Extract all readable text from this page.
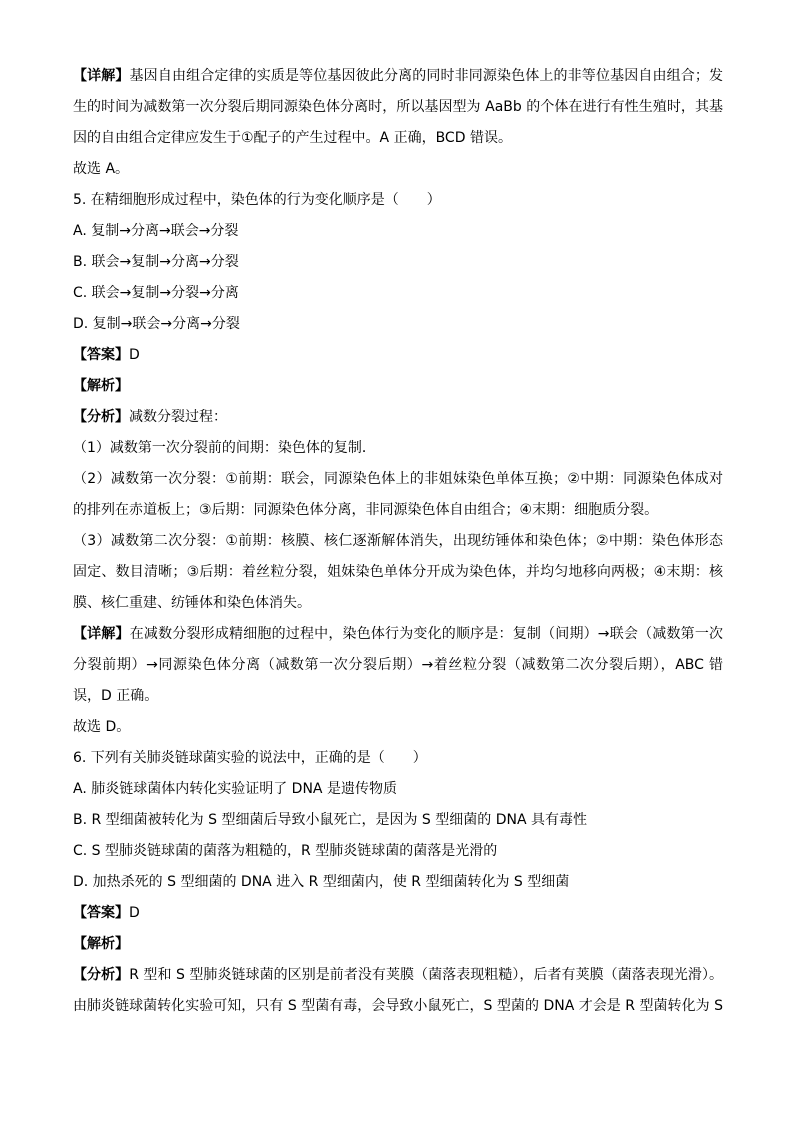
【详解】基因自由组合定律的实质是等位基因彼此分离的同时非同源染色体上的非等位基因自由组合；发
生的时间为减数第一次分裂后期同源染色体分离时，所以基因型为 AaBb 的个体在进行有性生殖时，其基
因的自由组合定律应发生于①配子的产生过程中。A 正确，BCD 错误。
故选 A。
5. 在精细胞形成过程中，染色体的行为变化顺序是（　　）
A. 复制→分离→联会→分裂
B. 联会→复制→分离→分裂
C. 联会→复制→分裂→分离
D. 复制→联会→分离→分裂
【答案】D
【解析】
【分析】减数分裂过程：
（1）减数第一次分裂前的间期：染色体的复制．
（2）减数第一次分裂：①前期：联会，同源染色体上的非姐妹染色单体互换；②中期：同源染色体成对
的排列在赤道板上；③后期：同源染色体分离，非同源染色体自由组合；④末期：细胞质分裂。
（3）减数第二次分裂：①前期：核膜、核仁逐渐解体消失，出现纺锤体和染色体；②中期：染色体形态
固定、数目清晰；③后期：着丝粒分裂，姐妹染色单体分开成为染色体，并均匀地移向两极；④末期：核
膜、核仁重建、纺锤体和染色体消失。
【详解】在减数分裂形成精细胞的过程中，染色体行为变化的顺序是：复制（间期）→联会（减数第一次
分裂前期）→同源染色体分离（减数第一次分裂后期）→着丝粒分裂（减数第二次分裂后期），ABC 错
误，D 正确。
故选 D。
6. 下列有关肺炎链球菌实验的说法中，正确的是（　　）
A. 肺炎链球菌体内转化实验证明了 DNA 是遗传物质
B. R 型细菌被转化为 S 型细菌后导致小鼠死亡，是因为 S 型细菌的 DNA 具有毒性
C. S 型肺炎链球菌的菌落为粗糙的，R 型肺炎链球菌的菌落是光滑的
D. 加热杀死的 S 型细菌的 DNA 进入 R 型细菌内，使 R 型细菌转化为 S 型细菌
【答案】D
【解析】
【分析】R 型和 S 型肺炎链球菌的区别是前者没有荚膜（菌落表现粗糙），后者有荚膜（菌落表现光滑）。
由肺炎链球菌转化实验可知，只有 S 型菌有毒，会导致小鼠死亡，S 型菌的 DNA 才会是 R 型菌转化为 S
